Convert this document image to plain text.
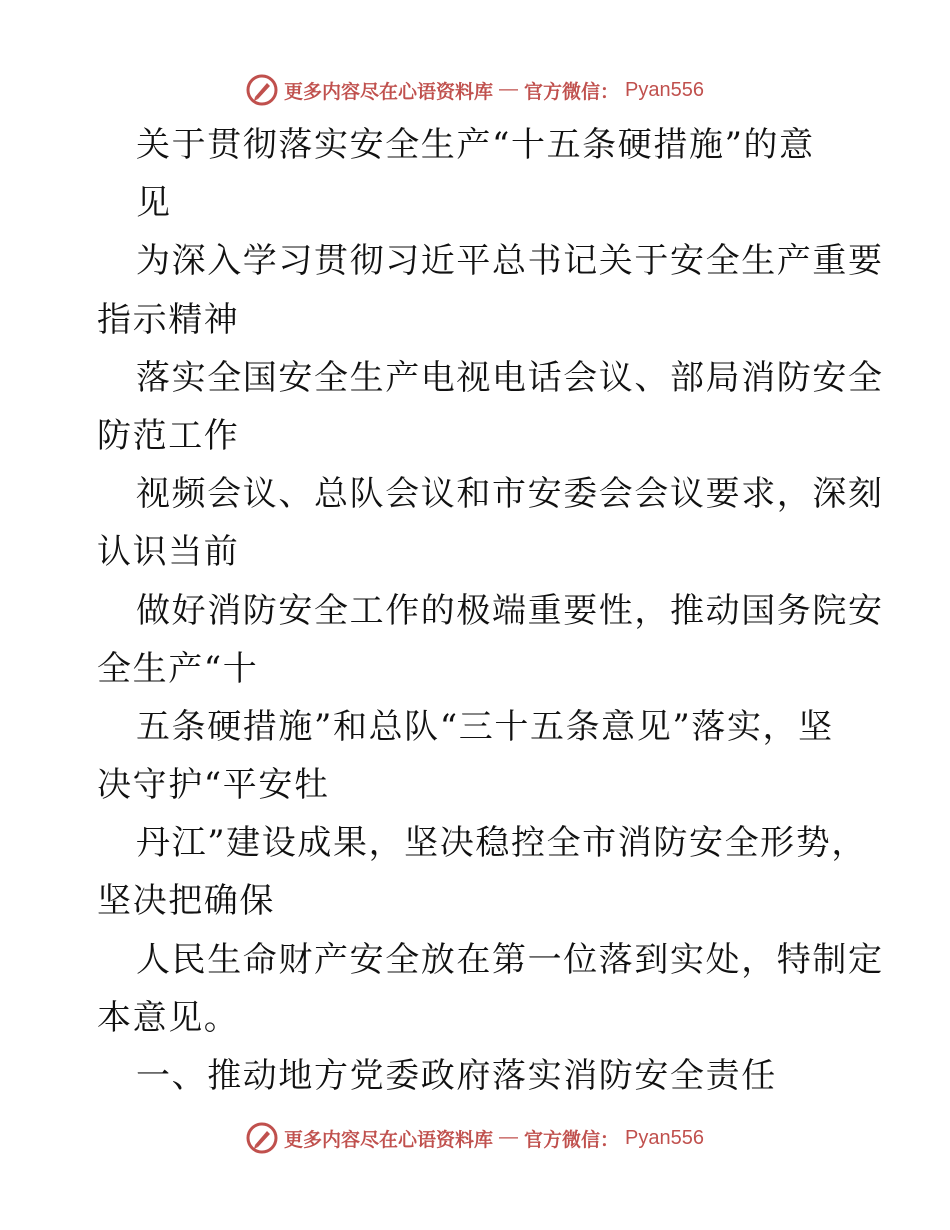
更多内容尽在心语资料库 — 官方微信： Pyan556
关于贯彻落实安全生产“十五条硬措施”的意
见
为深入学习贯彻习近平总书记关于安全生产重要
指示精神
落实全国安全生产电视电话会议、部局消防安全
防范工作
视频会议、总队会议和市安委会会议要求，深刻
认识当前
做好消防安全工作的极端重要性，推动国务院安
全生产“十
五条硬措施”和总队“三十五条意见”落实，坚
决守护“平安牡
丹江”建设成果，坚决稳控全市消防安全形势，
坚决把确保
人民生命财产安全放在第一位落到实处，特制定
本意见。
一、推动地方党委政府落实消防安全责任
更多内容尽在心语资料库 — 官方微信： Pyan556
